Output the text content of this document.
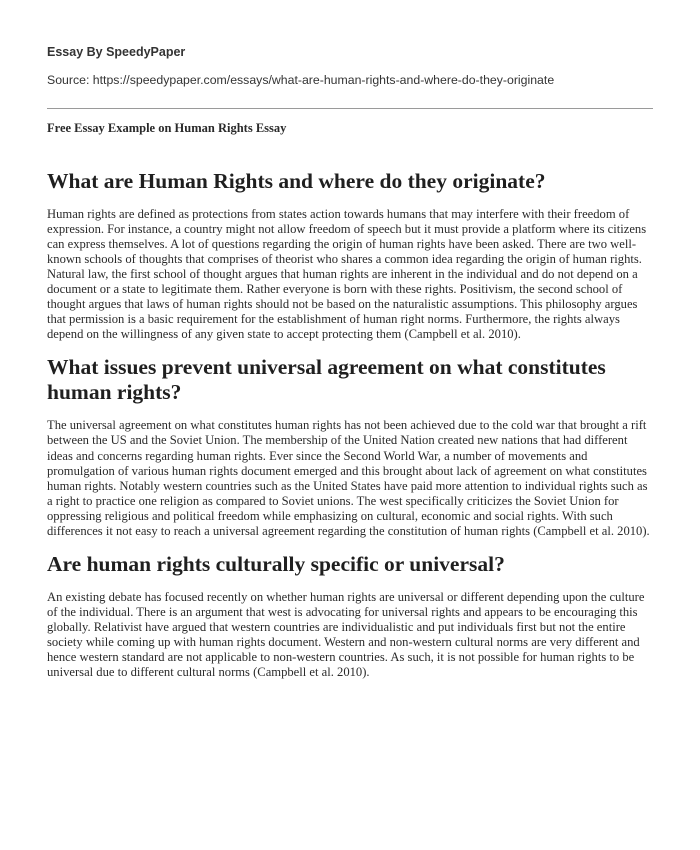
Essay By SpeedyPaper
Source: https://speedypaper.com/essays/what-are-human-rights-and-where-do-they-originate
Free Essay Example on Human Rights Essay
What are Human Rights and where do they originate?

Human rights are defined as protections from states action towards humans that may interfere with their freedom of expression. For instance, a country might not allow freedom of speech but it must provide a platform where its citizens can express themselves. A lot of questions regarding the origin of human rights have been asked. There are two well-known schools of thoughts that comprises of theorist who shares a common idea regarding the origin of human rights. Natural law, the first school of thought argues that human rights are inherent in the individual and do not depend on a document or a state to legitimate them. Rather everyone is born with these rights. Positivism, the second school of thought argues that laws of human rights should not be based on the naturalistic assumptions. This philosophy argues that permission is a basic requirement for the establishment of human right norms. Furthermore, the rights always depend on the willingness of any given state to accept protecting them (Campbell et al. 2010).

What issues prevent universal agreement on what constitutes human rights?

The universal agreement on what constitutes human rights has not been achieved due to the cold war that brought a rift between the US and the Soviet Union. The membership of the United Nation created new nations that had different ideas and concerns regarding human rights. Ever since the Second World War, a number of movements and promulgation of various human rights document emerged and this brought about lack of agreement on what constitutes human rights. Notably western countries such as the United States have paid more attention to individual rights such as a right to practice one religion as compared to Soviet unions. The west specifically criticizes the Soviet Union for oppressing religious and political freedom while emphasizing on cultural, economic and social rights. With such differences it not easy to reach a universal agreement regarding the constitution of human rights (Campbell et al. 2010).

Are human rights culturally specific or universal?

An existing debate has focused recently on whether human rights are universal or different depending upon the culture of the individual. There is an argument that west is advocating for universal rights and appears to be encouraging this globally. Relativist have argued that western countries are individualistic and put individuals first but not the entire society while coming up with human rights document. Western and non-western cultural norms are very different and hence western standard are not applicable to non-western countries. As such, it is not possible for human rights to be universal due to different cultural norms (Campbell et al. 2010).
